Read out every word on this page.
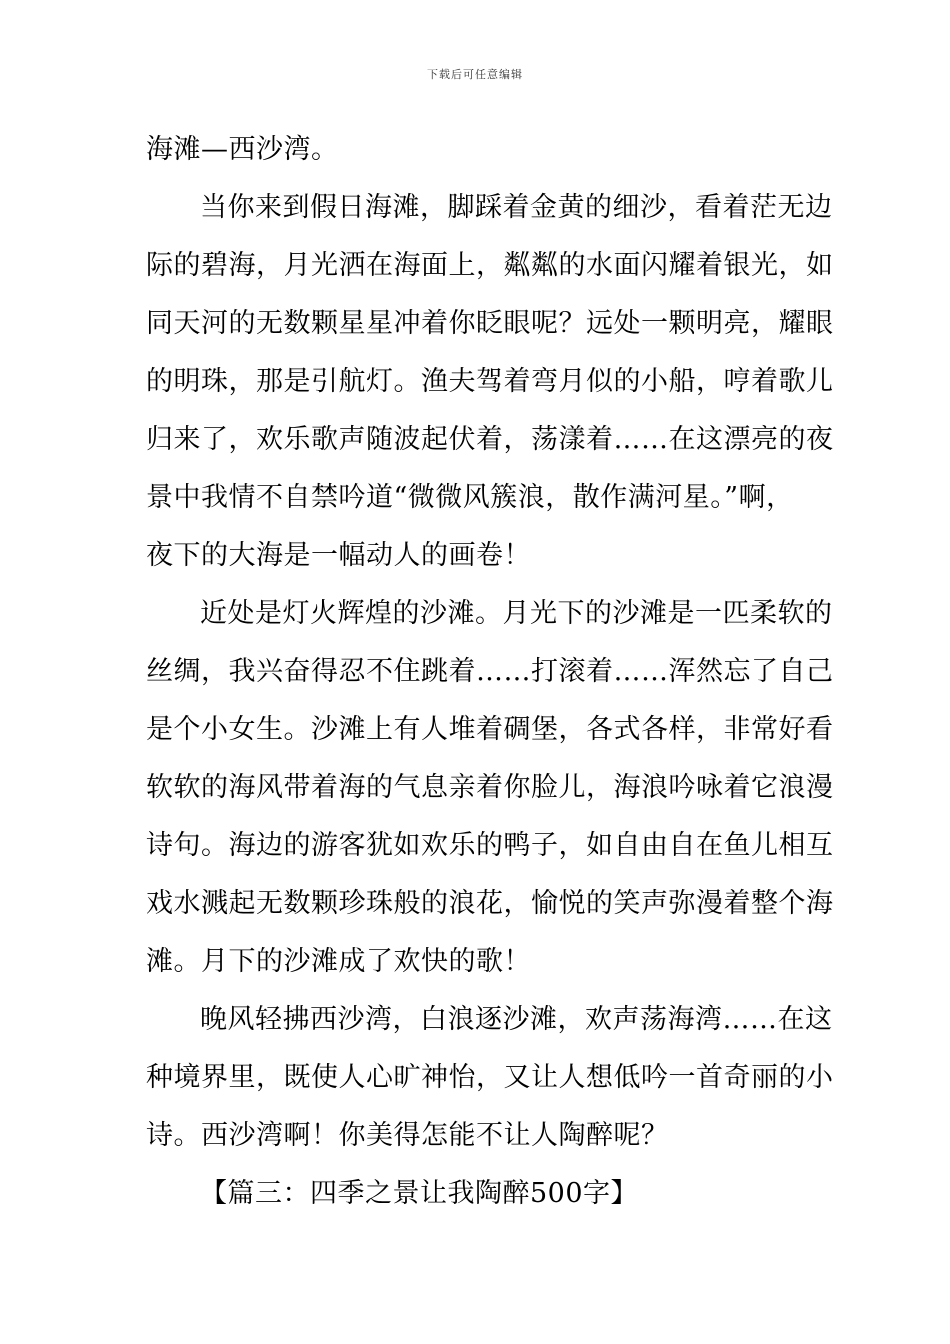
下载后可任意编辑
海滩—西沙湾。
当你来到假日海滩，脚踩着金黄的细沙，看着茫无边
际的碧海，月光洒在海面上，粼粼的水面闪耀着银光，如
同天河的无数颗星星冲着你眨眼呢？远处一颗明亮，耀眼
的明珠，那是引航灯。渔夫驾着弯月似的小船，哼着歌儿
归来了，欢乐歌声随波起伏着，荡漾着……在这漂亮的夜
景中我情不自禁吟道“微微风簇浪，散作满河星。”啊，
夜下的大海是一幅动人的画卷！
近处是灯火辉煌的沙滩。月光下的沙滩是一匹柔软的
丝绸，我兴奋得忍不住跳着……打滚着……浑然忘了自己
是个小女生。沙滩上有人堆着碉堡，各式各样，非常好看
软软的海风带着海的气息亲着你脸儿，海浪吟咏着它浪漫
诗句。海边的游客犹如欢乐的鸭子，如自由自在鱼儿相互
戏水溅起无数颗珍珠般的浪花，愉悦的笑声弥漫着整个海
滩。月下的沙滩成了欢快的歌！
晚风轻拂西沙湾，白浪逐沙滩，欢声荡海湾……在这
种境界里，既使人心旷神怡，又让人想低吟一首奇丽的小
诗。西沙湾啊！你美得怎能不让人陶醉呢？
【篇三：四季之景让我陶醉500字】
